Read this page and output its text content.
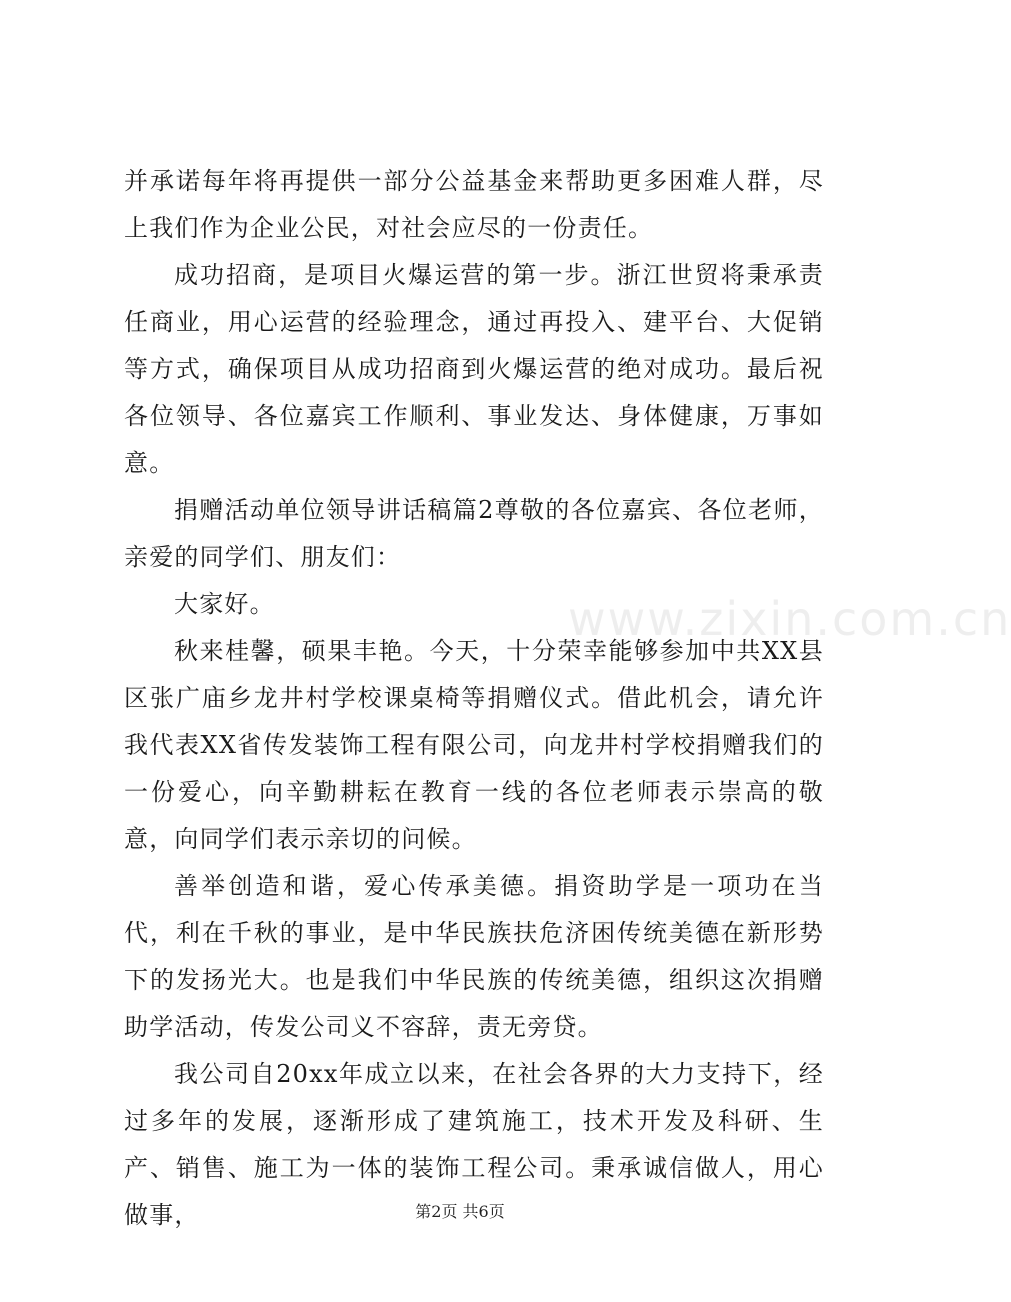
并承诺每年将再提供一部分公益基金来帮助更多困难人群，尽上我们作为企业公民，对社会应尽的一份责任。

成功招商，是项目火爆运营的第一步。浙江世贸将秉承责任商业，用心运营的经验理念，通过再投入、建平台、大促销等方式，确保项目从成功招商到火爆运营的绝对成功。最后祝各位领导、各位嘉宾工作顺利、事业发达、身体健康，万事如意。

捐赠活动单位领导讲话稿篇2尊敬的各位嘉宾、各位老师，亲爱的同学们、朋友们：

大家好。

秋来桂馨，硕果丰艳。今天，十分荣幸能够参加中共XX县区张广庙乡龙井村学校课桌椅等捐赠仪式。借此机会，请允许我代表XX省传发装饰工程有限公司，向龙井村学校捐赠我们的一份爱心，向辛勤耕耘在教育一线的各位老师表示崇高的敬意，向同学们表示亲切的问候。

善举创造和谐，爱心传承美德。捐资助学是一项功在当代，利在千秋的事业，是中华民族扶危济困传统美德在新形势下的发扬光大。也是我们中华民族的传统美德，组织这次捐赠助学活动，传发公司义不容辞，责无旁贷。

我公司自20xx年成立以来，在社会各界的大力支持下，经过多年的发展，逐渐形成了建筑施工，技术开发及科研、生产、销售、施工为一体的装饰工程公司。秉承诚信做人，用心做事，

www.zixin.com.cn
第2页 共6页
